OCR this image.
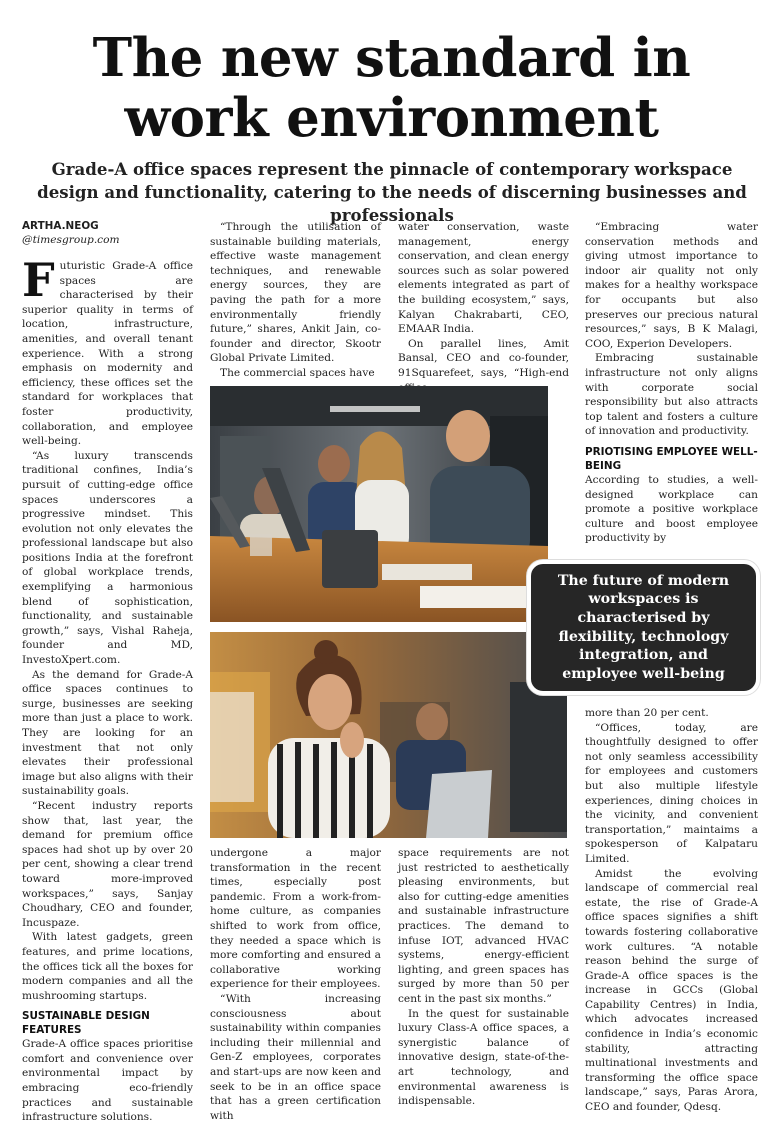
The new standard in work environment
Grade-A office spaces represent the pinnacle of contemporary workspace design and functionality, catering to the needs of discerning businesses and professionals
ARTHA.NEOG
@timesgroup.com

Futuristic Grade-A office spaces are characterised by their superior quality in terms of location, infrastructure, amenities, and overall tenant experience. With a strong emphasis on modernity and efficiency, these offices set the standard for workplaces that foster productivity, collaboration, and employee well-being.

“As luxury transcends traditional confines, India’s pursuit of cutting-edge office spaces underscores a progressive mindset. This evolution not only elevates the professional landscape but also positions India at the forefront of global workplace trends, exemplifying a harmonious blend of sophistication, functionality, and sustainable growth,” says, Vishal Raheja, founder and MD, InvestoXpert.com.

As the demand for Grade-A office spaces continues to surge, businesses are seeking more than just a place to work. They are looking for an investment that not only elevates their professional image but also aligns with their sustainability goals.

“Recent industry reports show that, last year, the demand for premium office spaces had shot up by over 20 per cent, showing a clear trend toward more-improved workspaces,” says, Sanjay Choudhary, CEO and founder, Incuspaze.

With latest gadgets, green features, and prime locations, the offices tick all the boxes for modern companies and all the mushrooming startups.

SUSTAINABLE DESIGN FEATURES

Grade-A office spaces prioritise comfort and convenience over environmental impact by embracing eco-friendly practices and sustainable infrastructure solutions.

“Through the utilisation of sustainable building materials, effective waste management techniques, and renewable energy sources, they are paving the path for a more environmentally friendly future,” shares, Ankit Jain, co-founder and director, Skootr Global Private Limited.

The commercial spaces have

water conservation, waste management, energy conservation, and clean energy sources such as solar powered elements integrated as part of the building ecosystem,” says, Kalyan Chakrabarti, CEO, EMAAR India.

On parallel lines, Amit Bansal, CEO and co-founder, 91Squarefeet, says, “High-end

“Embracing water conservation methods and giving utmost importance to indoor air quality not only makes for a healthy workspace for occupants but also preserves our precious natural resources,” says, B K Malagi, COO, Experion Developers.

Embracing sustainable infrastructure not only aligns with corporate social responsibility but also attracts top talent and fosters a culture of innovation and productivity.

PRIOTISING EMPLOYEE WELL-BEING

According to studies, a well-designed workplace can promote a positive workplace culture and boost employee productivity by

The future of modern workspaces is characterised by flexibility, technology integration, and employee well-being

more than 20 per cent.

“Offices, today, are thoughtfully designed to offer not only seamless accessibility for employees and customers but also multiple lifestyle experiences, dining choices in the vicinity, and convenient transportation,” maintaims a spokesperson of Kalpataru Limited.

Amidst the evolving landscape of commercial real estate, the rise of Grade-A office spaces signifies a shift towards fostering collaborative work cultures. “A notable reason behind the surge of Grade-A office spaces is the increase in GCCs (Global Capability Centres) in India, which advocates increased confidence in India’s economic stability, attracting multinational investments and transforming the office space landscape,” says, Paras Arora, CEO and founder, Qdesq.

undergone a major transformation in the recent times, especially post pandemic. From a work-from-home culture, as companies shifted to work from office, they needed a space which is more comforting and ensured a collaborative working experience for their employees.

“With increasing consciousness about sustainability within companies including their millennial and Gen-Z employees, corporates and start-ups are now keen and seek to be in an office space that has a green certification with

space requirements are not just restricted to aesthetically pleasing environments, but also for cutting-edge amenities and sustainable infrastructure practices. The demand to infuse IOT, advanced HVAC systems, energy-efficient lighting, and green spaces has surged by more than 50 per cent in the past six months.”

In the quest for sustainable luxury Class-A office spaces, a synergistic balance of innovative design, state-of-the-art technology, and environmental awareness is indispensable.
